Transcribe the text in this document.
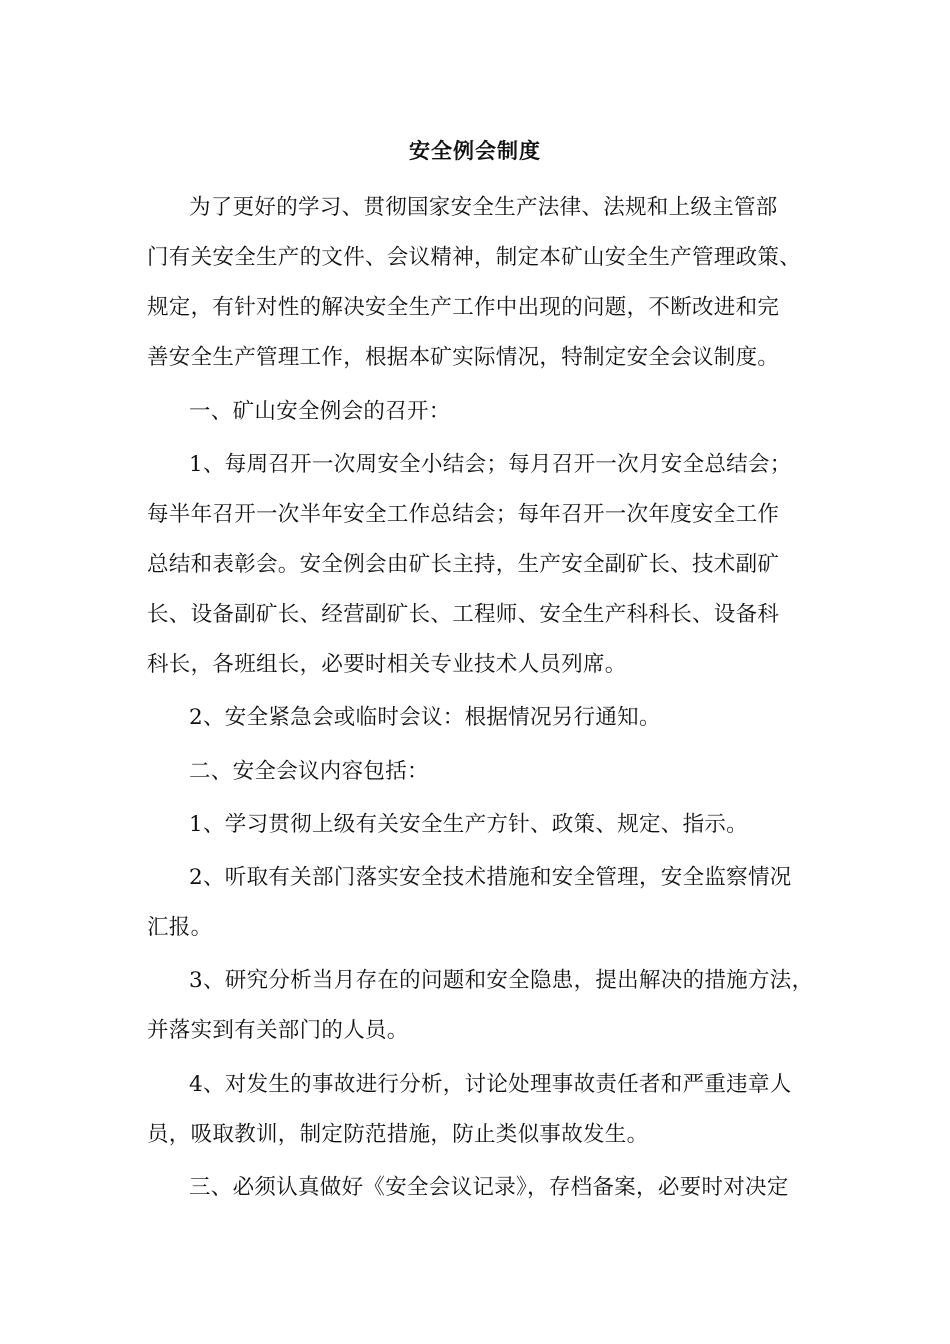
安全例会制度
为了更好的学习、贯彻国家安全生产法律、法规和上级主管部
门有关安全生产的文件、会议精神，制定本矿山安全生产管理政策、
规定，有针对性的解决安全生产工作中出现的问题，不断改进和完
善安全生产管理工作，根据本矿实际情况，特制定安全会议制度。
一、矿山安全例会的召开：
1、每周召开一次周安全小结会；每月召开一次月安全总结会；
每半年召开一次半年安全工作总结会；每年召开一次年度安全工作
总结和表彰会。安全例会由矿长主持，生产安全副矿长、技术副矿
长、设备副矿长、经营副矿长、工程师、安全生产科科长、设备科
科长，各班组长，必要时相关专业技术人员列席。
2、安全紧急会或临时会议：根据情况另行通知。
二、安全会议内容包括：
1、学习贯彻上级有关安全生产方针、政策、规定、指示。
2、听取有关部门落实安全技术措施和安全管理，安全监察情况
汇报。
3、研究分析当月存在的问题和安全隐患，提出解决的措施方法，
并落实到有关部门的人员。
4、对发生的事故进行分析，讨论处理事故责任者和严重违章人
员，吸取教训，制定防范措施，防止类似事故发生。
三、必须认真做好《安全会议记录》，存档备案，必要时对决定
